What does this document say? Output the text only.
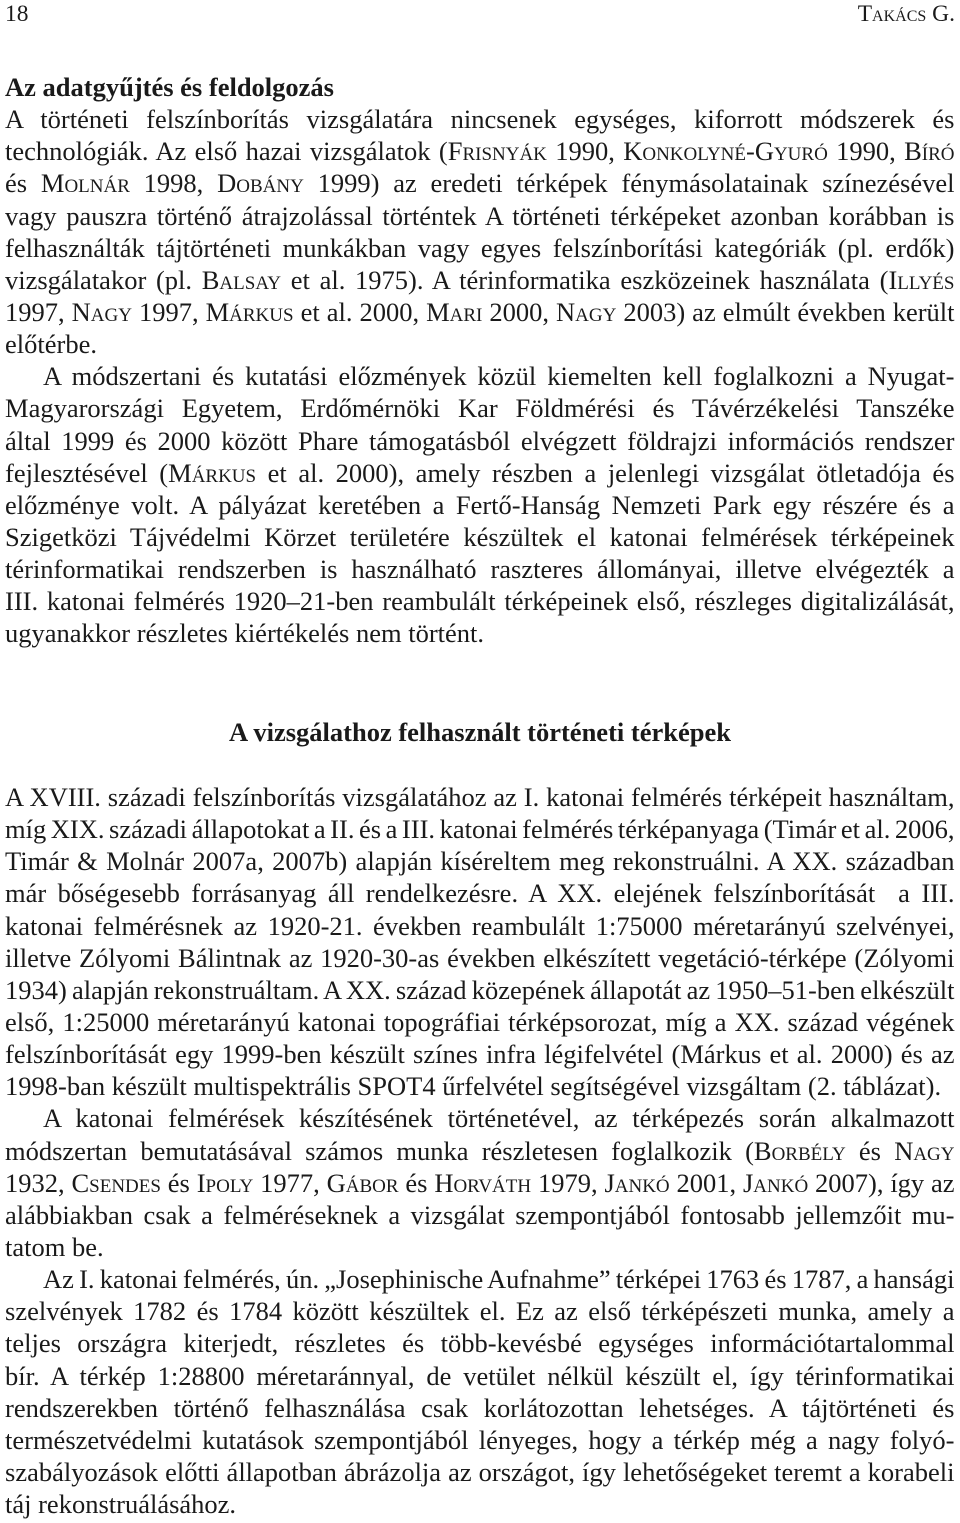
18	Takács G.
Az adatgyűjtés és feldolgozás
A történeti felszínborítás vizsgálatára nincsenek egységes, kiforrott módszerek és
technológiák. Az első hazai vizsgálatok (Frisnyák 1990, Konkolyné-Gyuró 1990, Bíró
és Molnár 1998, Dobány 1999) az eredeti térképek fénymásolatainak színezésével
vagy pauszra történő átrajzolással történtek A történeti térképeket azonban korábban is
felhasználták tájtörténeti munkákban vagy egyes felszínborítási kategóriák (pl. erdők)
vizsgálatakor (pl. Balsay et al. 1975). A térinformatika eszközeinek használata (Illyés
1997, Nagy 1997, Márkus et al. 2000, Mari 2000, Nagy 2003) az elmúlt években került
előtérbe.
A módszertani és kutatási előzmények közül kiemelten kell foglalkozni a Nyugat-
Magyarországi Egyetem, Erdőmérnöki Kar Földmérési és Távérzékelési Tanszéke
által 1999 és 2000 között Phare támogatásból elvégzett földrajzi információs rendszer
fejlesztésével (Márkus et al. 2000), amely részben a jelenlegi vizsgálat ötletadója és
előzménye volt. A pályázat keretében a Fertő-Hanság Nemzeti Park egy részére és a
Szigetközi Tájvédelmi Körzet területére készültek el katonai felmérések térképeinek
térinformatikai rendszerben is használható raszteres állományai, illetve elvégezték a
III. katonai felmérés 1920–21-ben reambulált térképeinek első, részleges digitalizálását,
ugyanakkor részletes kiértékelés nem történt.
A vizsgálathoz felhasznált történeti térképek
A XVIII. századi felszínborítás vizsgálatához az I. katonai felmérés térképeit használtam,
míg XIX. századi állapotokat a II. és a III. katonai felmérés térképanyaga (Timár et al. 2006,
Timár & Molnár 2007a, 2007b) alapján kíséreltem meg rekonstruálni. A XX. században
már bőségesebb forrásanyag áll rendelkezésre. A XX. elejének felszínborítását  a III.
katonai felmérésnek az 1920-21. években reambulált 1:75000 méretarányú szelvényei,
illetve Zólyomi Bálintnak az 1920-30-as években elkészített vegetáció-térképe (Zólyomi
1934) alapján rekonstruáltam. A XX. század közepének állapotát az 1950–51-ben elkészült
első, 1:25000 méretarányú katonai topográfiai térképsorozat, míg a XX. század végének
felszínborítását egy 1999-ben készült színes infra légifelvétel (Márkus et al. 2000) és az
1998-ban készült multispektrális SPOT4 űrfelvétel segítségével vizsgáltam (2. táblázat).
A katonai felmérések készítésének történetével, az térképezés során alkalmazott
módszertan bemutatásával számos munka részletesen foglalkozik (Borbély és Nagy
1932, Csendes és Ipoly 1977, Gábor és Horváth 1979, Jankó 2001, Jankó 2007), így az
alábbiakban csak a felméréseknek a vizsgálat szempontjából fontosabb jellemzőit mu-
tatom be.
Az I. katonai felmérés, ún. „Josephinische Aufnahme” térképei 1763 és 1787, a hansági
szelvények 1782 és 1784 között készültek el. Ez az első térképészeti munka, amely a
teljes országra kiterjedt, részletes és több-kevésbé egységes információtartalommal
bír. A térkép 1:28800 méretaránnyal, de vetület nélkül készült el, így térinformatikai
rendszerekben történő felhasználása csak korlátozottan lehetséges. A tájtörténeti és
természetvédelmi kutatások szempontjából lényeges, hogy a térkép még a nagy folyó-
szabályozások előtti állapotban ábrázolja az országot, így lehetőségeket teremt a korabeli
táj rekonstruálásához.
